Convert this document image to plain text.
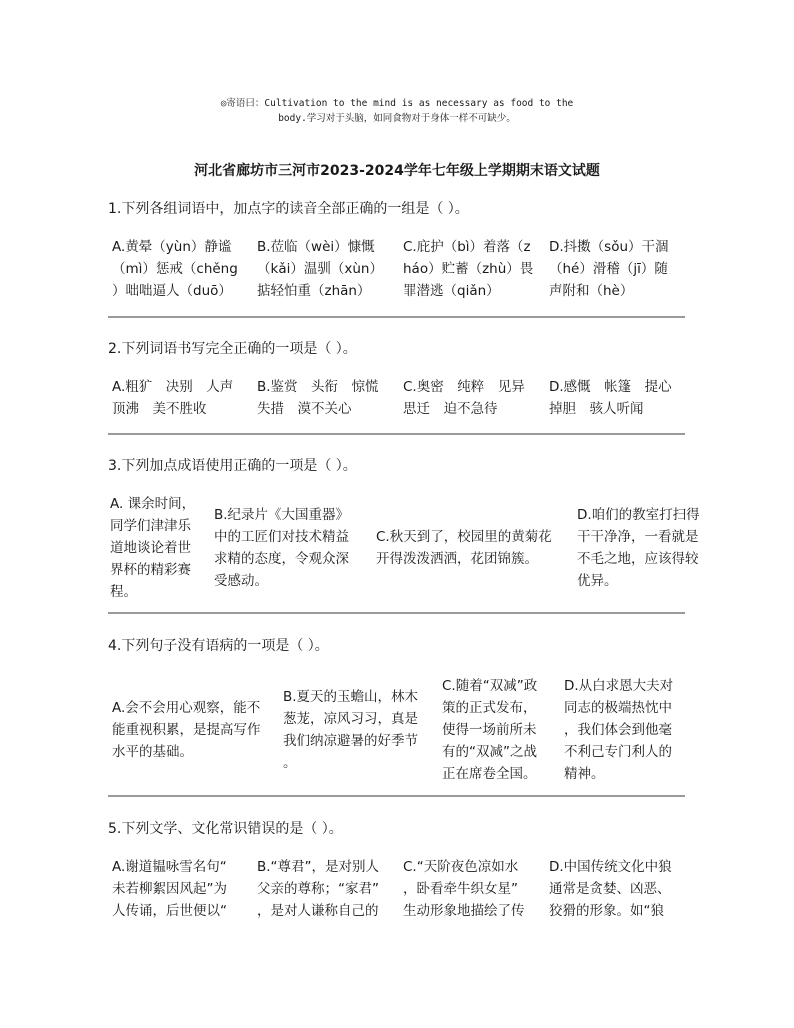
◎寄语曰：Cultivation to the mind is as necessary as food to the
body.学习对于头脑，如同食物对于身体一样不可缺少。
河北省廊坊市三河市2023-2024学年七年级上学期期末语文试题
1.下列各组词语中，加点字的读音全部正确的一组是（ ）。
A.黄晕（yùn）静谧
（mì）惩戒（chěng
）咄咄逼人（duō）
B.莅临（wèi）慷慨
（kǎi）温驯（xùn）
掂轻怕重（zhān）
C.庇护（bì）着落（z
háo）贮蓄（zhù）畏
罪潜逃（qiǎn）
D.抖擞（sǒu）干涸
（hé）滑稽（jī）随
声附和（hè）
2.下列词语书写完全正确的一项是（ ）。
A.粗犷　决别　人声
顶沸　美不胜收
B.鉴赏　头衔　惊慌
失措　漠不关心
C.奥密　纯粹　见异
思迁　迫不急待
D.感慨　帐篷　提心
掉胆　骇人听闻
3.下列加点成语使用正确的一项是（ ）。
A. 课余时间，
同学们津津乐
道地谈论着世
界杯的精彩赛
程。
B.纪录片《大国重器》
中的工匠们对技术精益
求精的态度，令观众深
受感动。
C.秋天到了，校园里的黄菊花
开得泼泼洒洒，花团锦簇。
D.咱们的教室打扫得
干干净净，一看就是
不毛之地，应该得较
优异。
4.下列句子没有语病的一项是（ ）。
A.会不会用心观察，能不
能重视积累，是提高写作
水平的基础。
B.夏天的玉蟾山，林木
葱茏，凉风习习，真是
我们纳凉避暑的好季节
。
C.随着“双减”政
策的正式发布，
使得一场前所未
有的“双减”之战
正在席卷全国。
D.从白求恩大夫对
同志的极端热忱中
，我们体会到他毫
不利己专门利人的
精神。
5.下列文学、文化常识错误的是（ ）。
A.谢道韫咏雪名句“
未若柳絮因风起”为
人传诵，后世便以“
B.“尊君”，是对别人
父亲的尊称；“家君”
，是对人谦称自己的
C.“天阶夜色凉如水
，卧看牵牛织女星”
生动形象地描绘了传
D.中国传统文化中狼
通常是贪婪、凶恶、
狡猾的形象。如“狼
